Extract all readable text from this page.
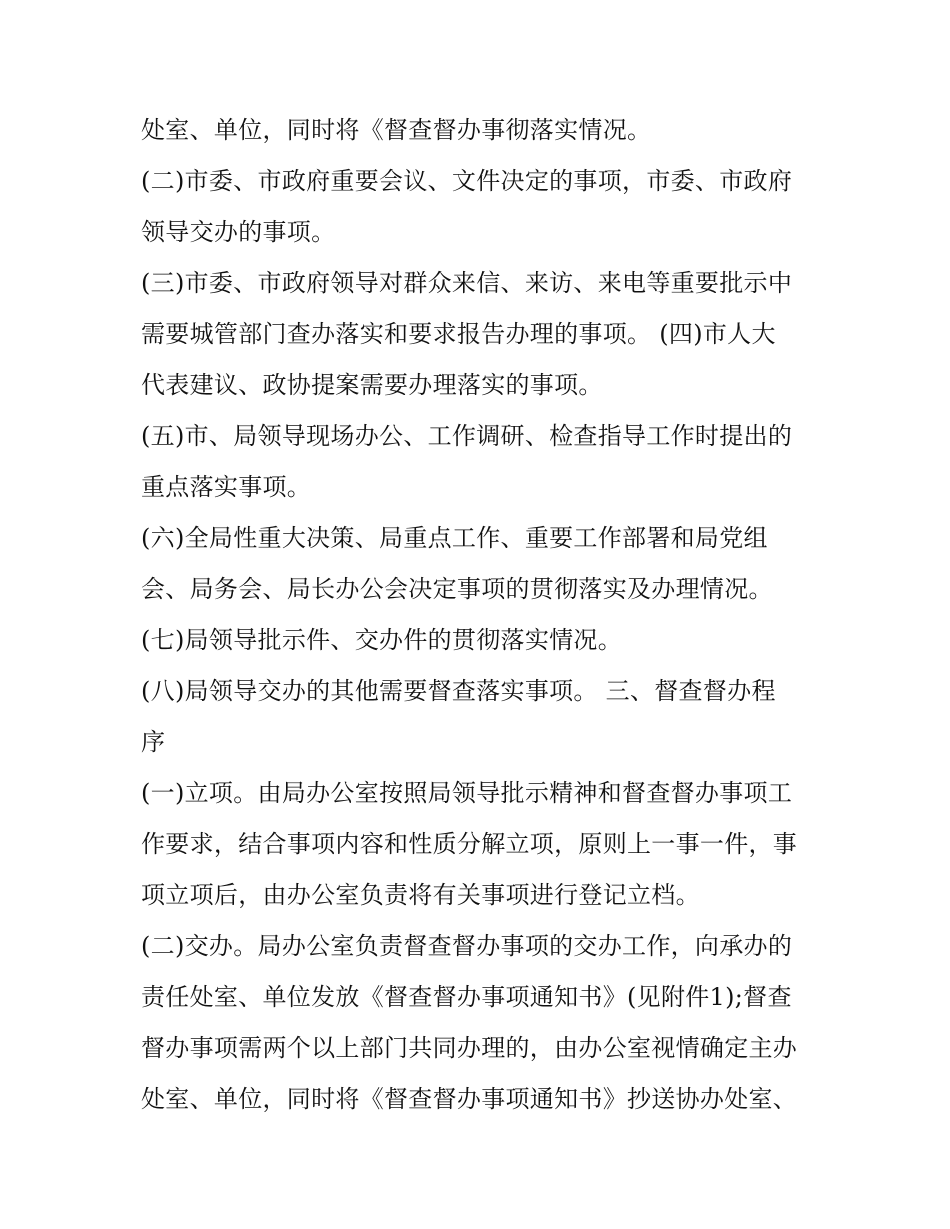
处室、单位，同时将《督查督办事彻落实情况。
(二)市委、市政府重要会议、文件决定的事项，市委、市政府
领导交办的事项。
(三)市委、市政府领导对群众来信、来访、来电等重要批示中
需要城管部门查办落实和要求报告办理的事项。 (四)市人大
代表建议、政协提案需要办理落实的事项。
(五)市、局领导现场办公、工作调研、检查指导工作时提出的
重点落实事项。
(六)全局性重大决策、局重点工作、重要工作部署和局党组
会、局务会、局长办公会决定事项的贯彻落实及办理情况。
(七)局领导批示件、交办件的贯彻落实情况。
(八)局领导交办的其他需要督查落实事项。 三、督查督办程
序
(一)立项。由局办公室按照局领导批示精神和督查督办事项工
作要求，结合事项内容和性质分解立项，原则上一事一件，事
项立项后，由办公室负责将有关事项进行登记立档。
(二)交办。局办公室负责督查督办事项的交办工作，向承办的
责任处室、单位发放《督查督办事项通知书》(见附件1);督查
督办事项需两个以上部门共同办理的，由办公室视情确定主办
处室、单位，同时将《督查督办事项通知书》抄送协办处室、
